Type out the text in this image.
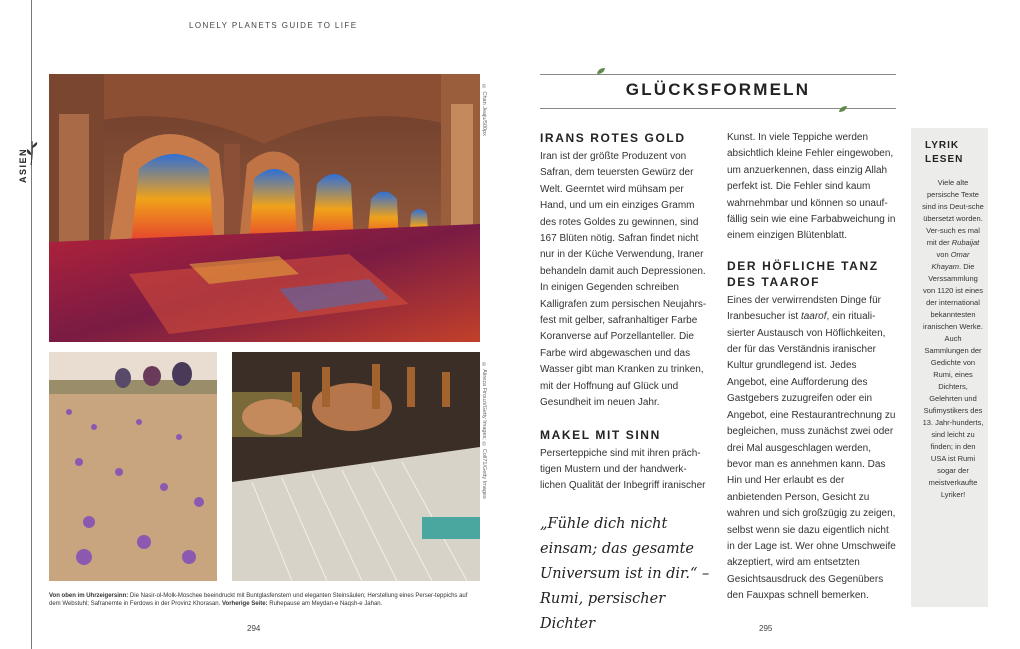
ASIEN
LONELY PLANETS GUIDE TO LIFE
© Chan Jeaju/500px
© Alireza Firouzi/Getty Images; © Coll71/Getty Images
Von oben im Uhrzeigersinn: Die Nasir-ol-Molk-Moschee beeindruckt mit Buntglasfenstern und eleganten Steinsäulen; Herstellung eines Perser-teppichs auf dem Webstuhl; Safranernte in Ferdows in der Provinz Khorasan. Vorherige Seite: Ruhepause am Meydan-e Naqsh-e Jahan.
294
GLÜCKSFORMELN
IRANS ROTES GOLD

Iran ist der größte Produzent von Safran, dem teuersten Gewürz der Welt. Geerntet wird mühsam per Hand, und um ein einziges Gramm des rotes Goldes zu gewinnen, sind 167 Blüten nötig. Safran findet nicht nur in der Küche Verwendung, Iraner behandeln damit auch Depressionen. In einigen Gegenden schreiben Kalligrafen zum persischen Neujahrs-fest mit gelber, safranhaltiger Farbe Koranverse auf Porzellanteller. Die Farbe wird abgewaschen und das Wasser gibt man Kranken zu trinken, mit der Hoffnung auf Glück und Gesundheit im neuen Jahr.

MAKEL MIT SINN

Perserteppiche sind mit ihren präch-tigen Mustern und der handwerk-lichen Qualität der Inbegriff iranischer

„Fühle dich nicht einsam; das gesamte Universum ist in dir.“ – Rumi, persischer Dichter

Kunst. In viele Teppiche werden absichtlich kleine Fehler eingewoben, um anzuerkennen, dass einzig Allah perfekt ist. Die Fehler sind kaum wahrnehmbar und können so unauf-fällig sein wie eine Farbabweichung in einem einzigen Blütenblatt.

DER HÖFLICHE TANZ DES TAAROF

Eines der verwirrendsten Dinge für Iranbesucher ist taarof, ein rituali-sierter Austausch von Höflichkeiten, der für das Verständnis iranischer Kultur grundlegend ist. Jedes Angebot, eine Aufforderung des Gastgebers zuzugreifen oder ein Angebot, eine Restaurantrechnung zu begleichen, muss zunächst zwei oder drei Mal ausgeschlagen werden, bevor man es annehmen kann. Das Hin und Her erlaubt es der anbietenden Person, Gesicht zu wahren und sich großzügig zu zeigen, selbst wenn sie dazu eigentlich nicht in der Lage ist. Wer ohne Umschweife akzeptiert, wird am entsetzten Gesichtsausdruck des Gegenübers den Fauxpas schnell bemerken.

LYRIK LESEN
Viele alte persische Texte sind ins Deut-sche übersetzt worden. Ver-such es mal mit der Rubaijat von Omar Khayam. Die Verssammlung von 1120 ist eines der international bekanntesten iranischen Werke. Auch Sammlungen der Gedichte von Rumi, eines Dichters, Gelehrten und Sufimystikers des 13. Jahr-hunderts, sind leicht zu finden; in den USA ist Rumi sogar der meistverkaufte Lyriker!
295
